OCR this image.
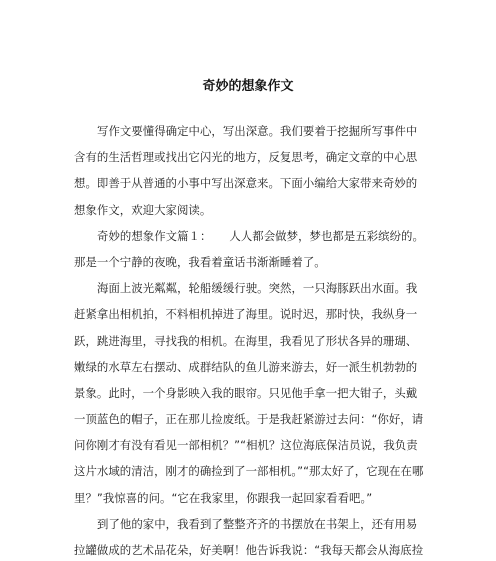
奇妙的想象作文
写作文要懂得确定中心，写出深意。我们要着于挖掘所写事件中
含有的生活哲理或找出它闪光的地方，反复思考，确定文章的中心思
想。即善于从普通的小事中写出深意来。下面小编给大家带来奇妙的
想象作文，欢迎大家阅读。
奇妙的想象作文篇１： 人人都会做梦，梦也都是五彩缤纷的。
那是一个宁静的夜晚，我看着童话书渐渐睡着了。
海面上波光粼粼，轮船缓缓行驶。突然，一只海豚跃出水面。我
赶紧拿出相机拍，不料相机掉进了海里。说时迟，那时快，我纵身一
跃，跳进海里，寻找我的相机。在海里，我看见了形状各异的珊瑚、
嫩绿的水草左右摆动、成群结队的鱼儿游来游去，好一派生机勃勃的
景象。此时，一个身影映入我的眼帘。只见他手拿一把大钳子，头戴
一顶蓝色的帽子，正在那儿捡废纸。于是我赶紧游过去问：“你好，请
问你刚才有没有看见一部相机？”“相机？这位海底保洁员说，我负责
这片水域的清洁，刚才的确捡到了一部相机。”“那太好了，它现在在哪
里？”我惊喜的问。“它在我家里，你跟我一起回家看看吧。”
到了他的家中，我看到了整整齐齐的书摆放在书架上，还有用易
拉罐做成的艺术品花朵，好美啊！他告诉我说：“我每天都会从海底捡
